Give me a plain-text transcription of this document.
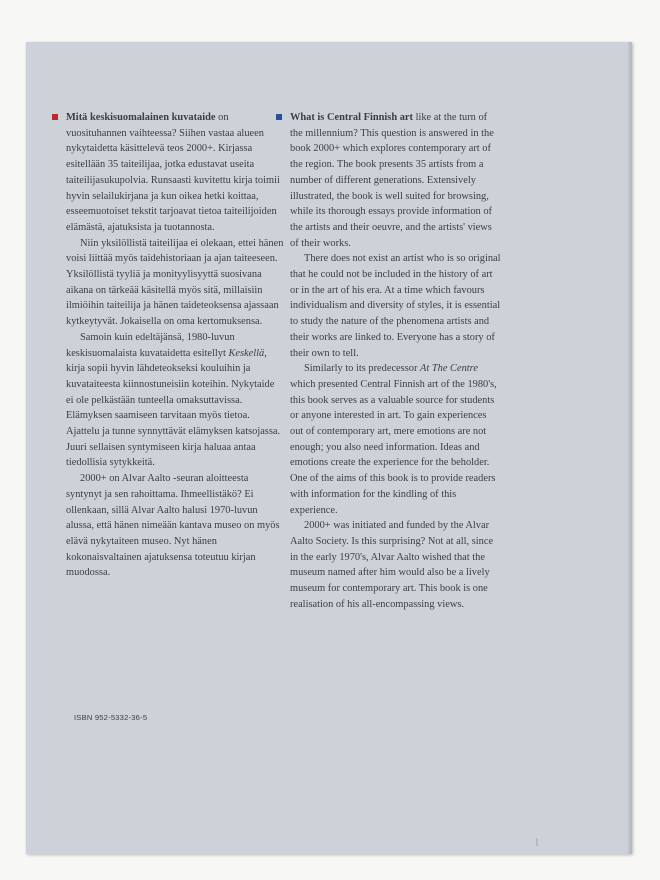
Mitä keskisuomalainen kuvataide on vuosituhannen vaihteessa? Siihen vastaa alueen nykytaidetta käsittelevä teos 2000+. Kirjassa esitellään 35 taiteilijaa, jotka edustavat useita taiteilijasukupolvia. Runsaasti kuvitettu kirja toimii hyvin selailukirjana ja kun oikea hetki koittaa, esseemuotoiset tekstit tarjoavat tietoa taiteilijoiden elämästä, ajatuksista ja tuotannosta.

Niin yksilöllistä taiteilijaa ei olekaan, ettei hänen voisi liittää myös taidehistoriaan ja ajan taiteeseen. Yksilöllistä tyyliä ja monityylisyyttä suosivana aikana on tärkeää käsitellä myös sitä, millaisiin ilmiöihin taiteilija ja hänen taideteoksensa ajassaan kytkeytyvät. Jokaisella on oma kertomuksensa.

Samoin kuin edeltäjänsä, 1980-luvun keskisuomalaista kuvataidetta esitellyt Keskellä, kirja sopii hyvin lähdeteokseksi kouluihin ja kuvataiteesta kiinnostuneisiin koteihin. Nykytaide ei ole pelkästään tunteella omaksuttavissa. Elämyksen saamiseen tarvitaan myös tietoa. Ajattelu ja tunne synnyttävät elämyksen katsojassa. Juuri sellaisen syntymiseen kirja haluaa antaa tiedollisia sytykkeitä.

2000+ on Alvar Aalto -seuran aloitteesta syntynyt ja sen rahoittama. Ihmeellistäkö? Ei ollenkaan, sillä Alvar Aalto halusi 1970-luvun alussa, että hänen nimeään kantava museo on myös elävä nykytaiteen museo. Nyt hänen kokonaisvaltainen ajatuksensa toteutuu kirjan muodossa.

What is Central Finnish art like at the turn of the millennium? This question is answered in the book 2000+ which explores contemporary art of the region. The book presents 35 artists from a number of different generations. Extensively illustrated, the book is well suited for browsing, while its thorough essays provide information of the artists and their oeuvre, and the artists' views of their works.

There does not exist an artist who is so original that he could not be included in the history of art or in the art of his era. At a time which favours individualism and diversity of styles, it is essential to study the nature of the phenomena artists and their works are linked to. Everyone has a story of their own to tell.

Similarly to its predecessor At The Centre which presented Central Finnish art of the 1980's, this book serves as a valuable source for students or anyone interested in art. To gain experiences out of contemporary art, mere emotions are not enough; you also need information. Ideas and emotions create the experience for the beholder. One of the aims of this book is to provide readers with information for the kindling of this experience.

2000+ was initiated and funded by the Alvar Aalto Society. Is this surprising? Not at all, since in the early 1970's, Alvar Aalto wished that the museum named after him would also be a lively museum for contemporary art. This book is one realisation of his all-encompassing views.

ISBN 952-5332-36-5
